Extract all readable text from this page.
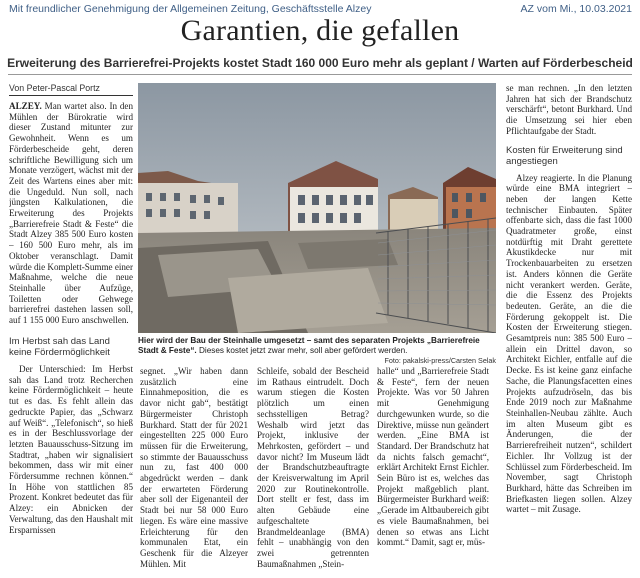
Mit freundlicher Genehmigung der Allgemeinen Zeitung, Geschäftsstelle Alzey	AZ vom Mi., 10.03.2021
Garantien, die gefallen
Erweiterung des Barrierefrei-Projekts kostet Stadt 160 000 Euro mehr als geplant / Warten auf Förderbescheid
Von Peter-Pascal Portz

ALZEY. Man wartet also. In den Mühlen der Bürokratie wird dieser Zustand mitunter zur Gewohnheit. Wenn es um Förderbescheide geht, deren schriftliche Bewilligung sich um Monate verzögert, wächst mit der Zeit des Wartens eines aber mit: die Ungeduld. Nun soll, nach jüngsten Kalkulationen, die Erweiterung des Projekts „Barrierefreie Stadt & Feste“ die Stadt Alzey 385 500 Euro kosten – 160 500 Euro mehr, als im Oktober veranschlagt. Damit würde die Komplett-Summe einer Maßnahme, welche die neue Steinhalle über Aufzüge, Toiletten oder Gehwege barrierefrei dastehen lassen soll, auf 1 155 000 Euro anschwellen.

Im Herbst sah das Land keine Fördermöglichkeit

Der Unterschied: Im Herbst sah das Land trotz Recherchen keine Fördermöglichkeit – heute tut es das. Es fehlt allein das gedruckte Papier, das „Schwarz auf Weiß“. „Telefonisch“, so hieß es in der Beschlussvorlage der letzten Bauausschuss-Sitzung im Stadtrat, „haben wir signalisiert bekommen, dass wir mit einer Fördersumme rechnen können.“ In Höhe von stattlichen 85 Prozent. Konkret bedeutet das für Alzey: ein Abnicken der Verwaltung, das den Haushalt mit Ersparnissen

Hier wird der Bau der Steinhalle umgesetzt – samt des separaten Projekts „Barrierefreie Stadt & Feste“. Dieses kostet jetzt zwar mehr, soll aber gefördert werden.
Foto: pakalski-press/Carsten Selak

segnet. „Wir haben dann zusätzlich eine Einnahmeposition, die es davor nicht gab“, bestätigt Bürgermeister Christoph Burkhard. Statt der für 2021 eingestellten 225 000 Euro müssen für die Erweiterung, so stimmte der Bauausschuss nun zu, fast 400 000 abgedrückt werden – dank der erwarteten Förderung aber soll der Eigenanteil der Stadt bei nur 58 000 Euro liegen. Es wäre eine massive Erleichterung für den kommunalen Etat, ein Geschenk für die Alzeyer Mühlen. Mit

Schleife, sobald der Bescheid im Rathaus eintrudelt. Doch warum stiegen die Kosten plötzlich um einen sechsstelligen Betrag? Weshalb wird jetzt das Projekt, inklusive der Mehrkosten, gefördert – und davor nicht? Im Museum lädt der Brandschutzbeauftragte der Kreisverwaltung im April 2020 zur Routinekontrolle. Dort stellt er fest, dass im alten Gebäude eine aufgeschaltete Brandmeldeanlage (BMA) fehlt – unabhängig von den zwei getrennten Baumaßnahmen „Stein-

halle“ und „Barrierefreie Stadt & Feste“, fern der neuen Projekte. Was vor 50 Jahren mit Genehmigung durchgewunken wurde, so die Direktive, müsse nun geändert werden. „Eine BMA ist Standard. Der Brandschutz hat da nichts falsch gemacht“, erklärt Architekt Ernst Eichler. Sein Büro ist es, welches das Projekt maßgeblich plant. Bürgermeister Burkhard weiß: „Gerade im Altbaubereich gibt es viele Baumaßnahmen, bei denen so etwas ans Licht kommt.“ Damit, sagt er, müs-

se man rechnen. „In den letzten Jahren hat sich der Brandschutz verschärft“, betont Burkhard. Und die Umsetzung sei hier eben Pflichtaufgabe der Stadt.

Kosten für Erweiterung sind angestiegen

Alzey reagierte. In die Planung würde eine BMA integriert – neben der langen Kette technischer Einbauten. Später offenbarte sich, dass die fast 1000 Quadratmeter große, einst notdürftig mit Draht gerettete Akustikdecke nur mit Trockenbauarbeiten zu ersetzen ist. Anders können die Geräte nicht verankert werden. Geräte, die die Essenz des Projekts bedeuten. Geräte, an die die Förderung gekoppelt ist. Die Kosten der Erweiterung stiegen. Gesamtpreis nun: 385 500 Euro – allein ein Drittel davon, so Architekt Eichler, entfalle auf die Decke. Es ist keine ganz einfache Sache, die Planungsfacetten eines Projekts aufzudröseln, das bis Ende 2019 noch zur Maßnahme Steinhallen-Neubau zählte. Auch im alten Museum gibt es Änderungen, die der Barrierefreiheit nutzen“, schildert Eichler. Ihr Vollzug ist der Schlüssel zum Förderbescheid. Im November, sagt Christoph Burkhard, hätte das Schreiben im Briefkasten liegen sollen. Alzey wartet – mit Zusage.
